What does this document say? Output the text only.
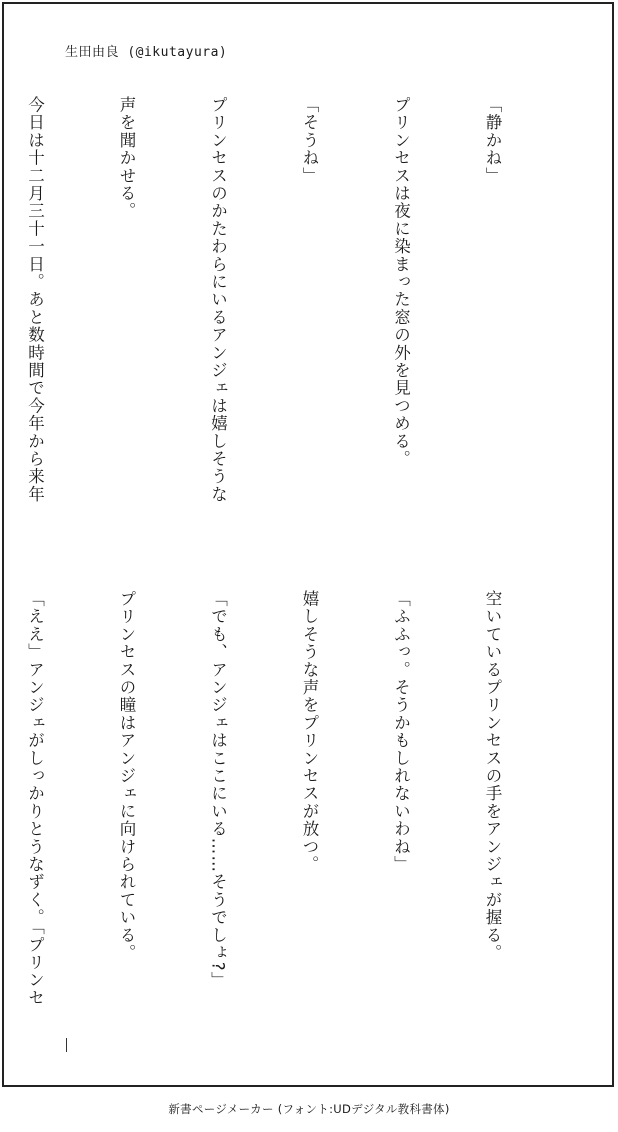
生田由良 (@ikutayura)

「静かね」

プリンセスは夜に染まった窓の外を見つめる。

「そうね」

プリンセスのかたわらにいるアンジェは嬉しそうな

声を聞かせる。

今日は十二月三十一日。あと数時間で今年から来年

空いているプリンセスの手をアンジェが握る。

「ふふっ。そうかもしれないわね」

嬉しそうな声をプリンセスが放つ。

「でも、アンジェはここにいる……そうでしょ?」

プリンセスの瞳はアンジェに向けられている。

「ええ」アンジェがしっかりとうなずく。「プリンセ

新書ページメーカー (フォント:UDデジタル教科書体)
